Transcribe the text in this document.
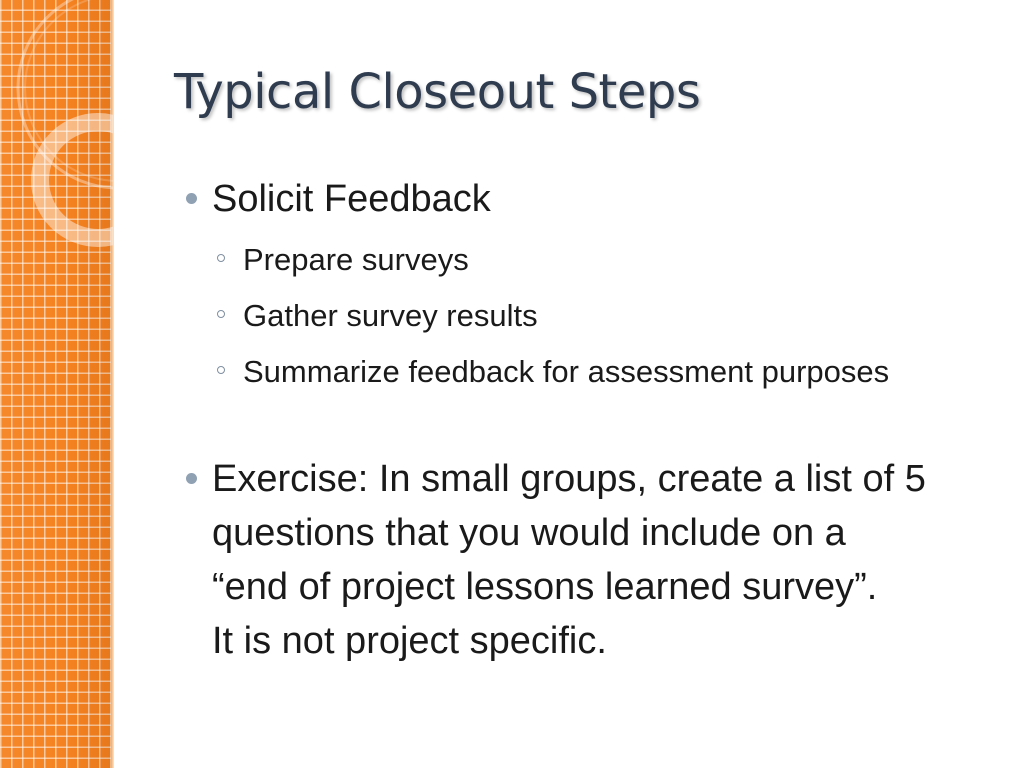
Typical Closeout Steps
Solicit Feedback
Prepare surveys
Gather survey results
Summarize feedback for assessment purposes
Exercise: In small groups, create a list of 5
questions that you would include on a
“end of project lessons learned survey”.
It is not project specific.
